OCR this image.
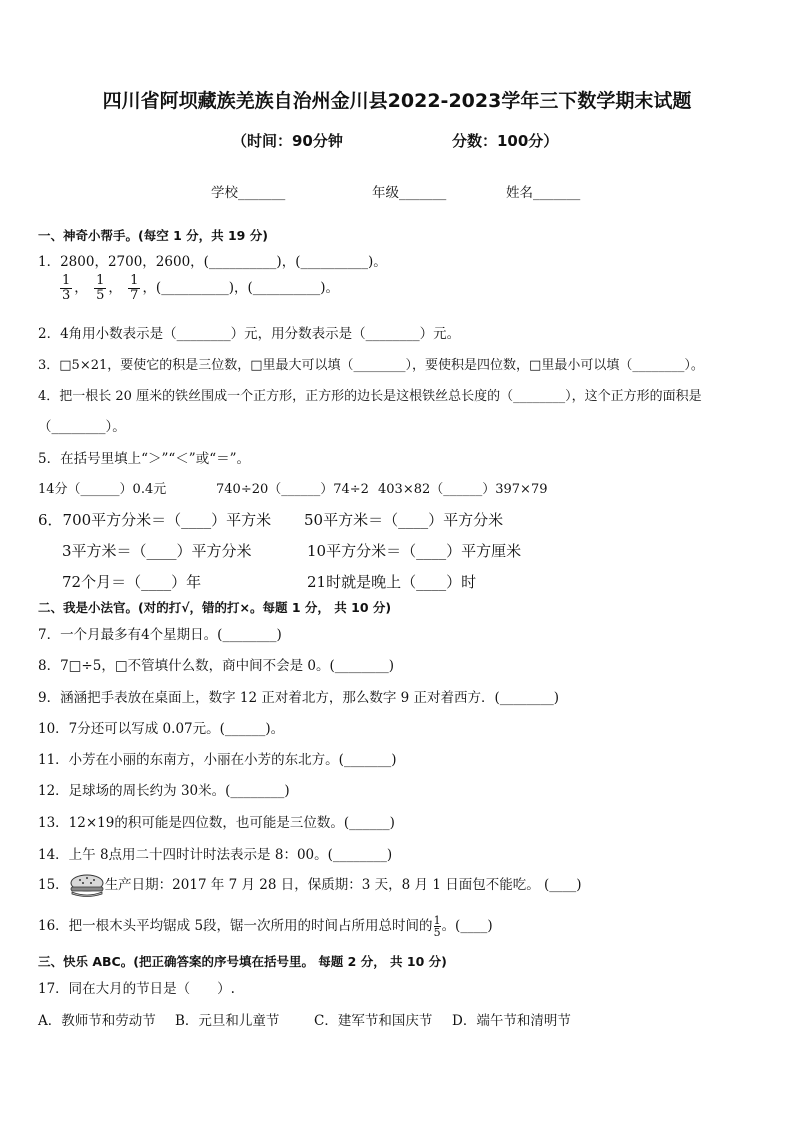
四川省阿坝藏族羌族自治州金川县2022-2023学年三下数学期末试题
（时间：90分钟	分数：100分）
学校_______	年级_______	姓名_______
一、神奇小帮手。(每空 1 分，共 19 分)
1．2800，2700，2600，(__________)，(__________)。
$\frac{1}{3}$ ， $\frac{1}{5}$ ， $\frac{1}{7}$ ，(__________)，(__________)。
2．4角用小数表示是（________）元，用分数表示是（________）元。
3．□5×21，要使它的积是三位数，□里最大可以填（________），要使积是四位数，□里最小可以填（________）。
4．把一根长 20 厘米的铁丝围成一个正方形，正方形的边长是这根铁丝总长度的（________），这个正方形的面积是
（________）。
5．在括号里填上“＞”“＜”或“＝”。
14分（______）0.4元	740÷20（______）74÷2 403×82（______）397×79
6．700平方分米＝（____）平方米 50平方米＝（____）平方分米
3平方米＝（____）平方分米	10平方分米＝（____）平方厘米
72个月＝（____）年	21时就是晚上（____）时
二、我是小法官。(对的打√，错的打×。每题 1 分， 共 10 分)
7．一个月最多有4个星期日。(________)
8．7□÷5，□不管填什么数，商中间不会是 0。(________)
9．涵涵把手表放在桌面上，数字 12 正对着北方，那么数字 9 正对着西方．(________)
10．7分还可以写成 0.07元。(______)。
11．小芳在小丽的东南方，小丽在小芳的东北方。(_______)
12．足球场的周长约为 30米。(________)
13．12×19的积可能是四位数，也可能是三位数。(______)
14．上午 8点用二十四时计时法表示是 8：00。(________)
15．	生产日期：2017 年 7 月 28 日，保质期：3 天，8 月 1 日面包不能吃。 (____)
16．把一根木头平均锯成 5段，锯一次所用的时间占所用总时间的 $\frac{1}{5}$ 。(____)
三、快乐 ABC。(把正确答案的序号填在括号里。 每题 2 分， 共 10 分)
17．同在大月的节日是（　　）.
A．教师节和劳动节 B．元旦和儿童节	C．建军节和国庆节 D．端午节和清明节
